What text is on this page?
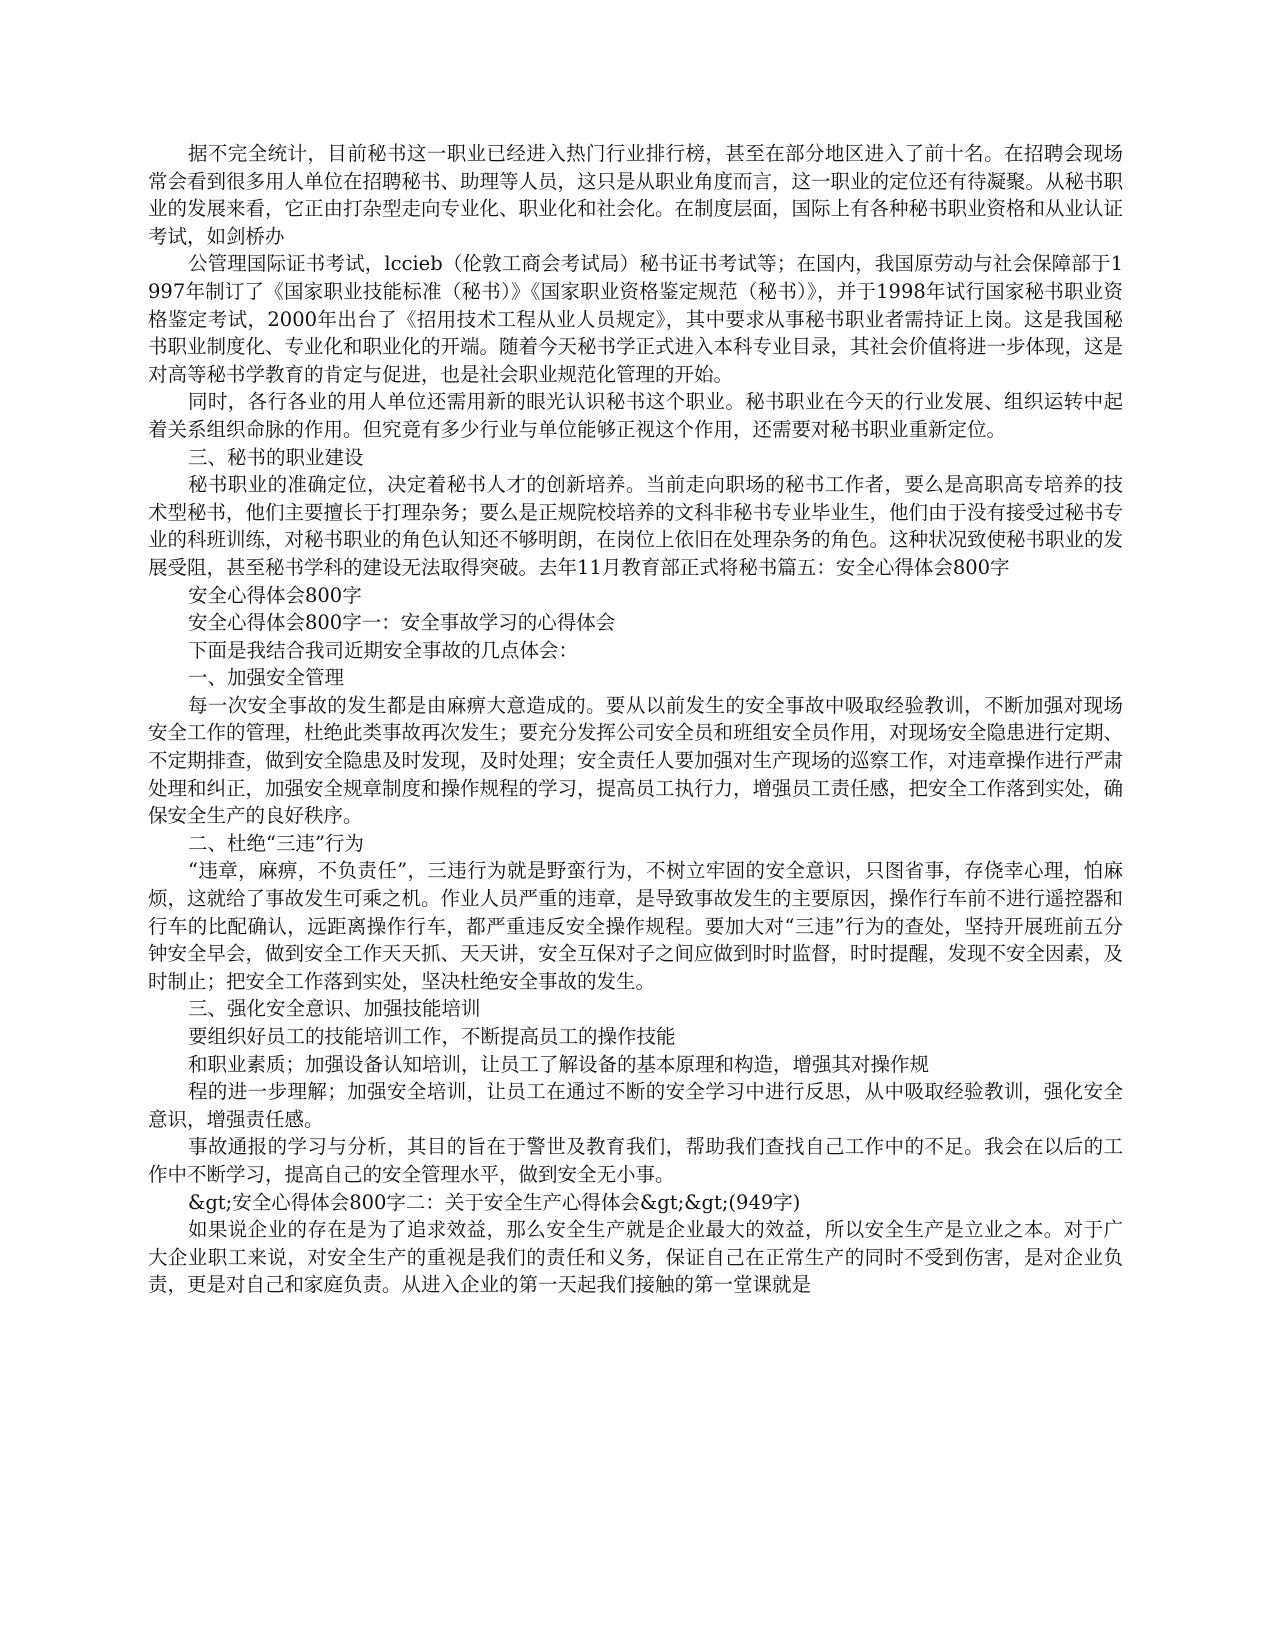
据不完全统计，目前秘书这一职业已经进入热门行业排行榜，甚至在部分地区进入了前十名。在招聘会现场常会看到很多用人单位在招聘秘书、助理等人员，这只是从职业角度而言，这一职业的定位还有待凝聚。从秘书职业的发展来看，它正由打杂型走向专业化、职业化和社会化。在制度层面，国际上有各种秘书职业资格和从业认证考试，如剑桥办

公管理国际证书考试，lccieb（伦敦工商会考试局）秘书证书考试等；在国内，我国原劳动与社会保障部于1997年制订了《国家职业技能标准（秘书）》《国家职业资格鉴定规范（秘书）》，并于1998年试行国家秘书职业资格鉴定考试，2000年出台了《招用技术工程从业人员规定》，其中要求从事秘书职业者需持证上岗。这是我国秘书职业制度化、专业化和职业化的开端。随着今天秘书学正式进入本科专业目录，其社会价值将进一步体现，这是对高等秘书学教育的肯定与促进，也是社会职业规范化管理的开始。

同时，各行各业的用人单位还需用新的眼光认识秘书这个职业。秘书职业在今天的行业发展、组织运转中起着关系组织命脉的作用。但究竟有多少行业与单位能够正视这个作用，还需要对秘书职业重新定位。

三、秘书的职业建设

秘书职业的准确定位，决定着秘书人才的创新培养。当前走向职场的秘书工作者，要么是高职高专培养的技术型秘书，他们主要擅长于打理杂务；要么是正规院校培养的文科非秘书专业毕业生，他们由于没有接受过秘书专业的科班训练，对秘书职业的角色认知还不够明朗，在岗位上依旧在处理杂务的角色。这种状况致使秘书职业的发展受阻，甚至秘书学科的建设无法取得突破。去年11月教育部正式将秘书篇五：安全心得体会800字

安全心得体会800字

安全心得体会800字一：安全事故学习的心得体会

下面是我结合我司近期安全事故的几点体会：

一、加强安全管理

每一次安全事故的发生都是由麻痹大意造成的。要从以前发生的安全事故中吸取经验教训，不断加强对现场安全工作的管理，杜绝此类事故再次发生；要充分发挥公司安全员和班组安全员作用，对现场安全隐患进行定期、不定期排查，做到安全隐患及时发现，及时处理；安全责任人要加强对生产现场的巡察工作，对违章操作进行严肃处理和纠正，加强安全规章制度和操作规程的学习，提高员工执行力，增强员工责任感，把安全工作落到实处，确保安全生产的良好秩序。

二、杜绝“三违”行为

“违章，麻痹，不负责任”，三违行为就是野蛮行为，不树立牢固的安全意识，只图省事，存侥幸心理，怕麻烦，这就给了事故发生可乘之机。作业人员严重的违章，是导致事故发生的主要原因，操作行车前不进行遥控器和行车的比配确认，远距离操作行车，都严重违反安全操作规程。要加大对“三违”行为的查处，坚持开展班前五分钟安全早会，做到安全工作天天抓、天天讲，安全互保对子之间应做到时时监督，时时提醒，发现不安全因素，及时制止；把安全工作落到实处，坚决杜绝安全事故的发生。

三、强化安全意识、加强技能培训

要组织好员工的技能培训工作，不断提高员工的操作技能

和职业素质；加强设备认知培训，让员工了解设备的基本原理和构造，增强其对操作规

程的进一步理解；加强安全培训，让员工在通过不断的安全学习中进行反思，从中吸取经验教训，强化安全意识，增强责任感。

事故通报的学习与分析，其目的旨在于警世及教育我们，帮助我们查找自己工作中的不足。我会在以后的工作中不断学习，提高自己的安全管理水平，做到安全无小事。

&gt;安全心得体会800字二：关于安全生产心得体会&gt;&gt;(949字)

如果说企业的存在是为了追求效益，那么安全生产就是企业最大的效益，所以安全生产是立业之本。对于广大企业职工来说，对安全生产的重视是我们的责任和义务，保证自己在正常生产的同时不受到伤害，是对企业负责，更是对自己和家庭负责。从进入企业的第一天起我们接触的第一堂课就是
